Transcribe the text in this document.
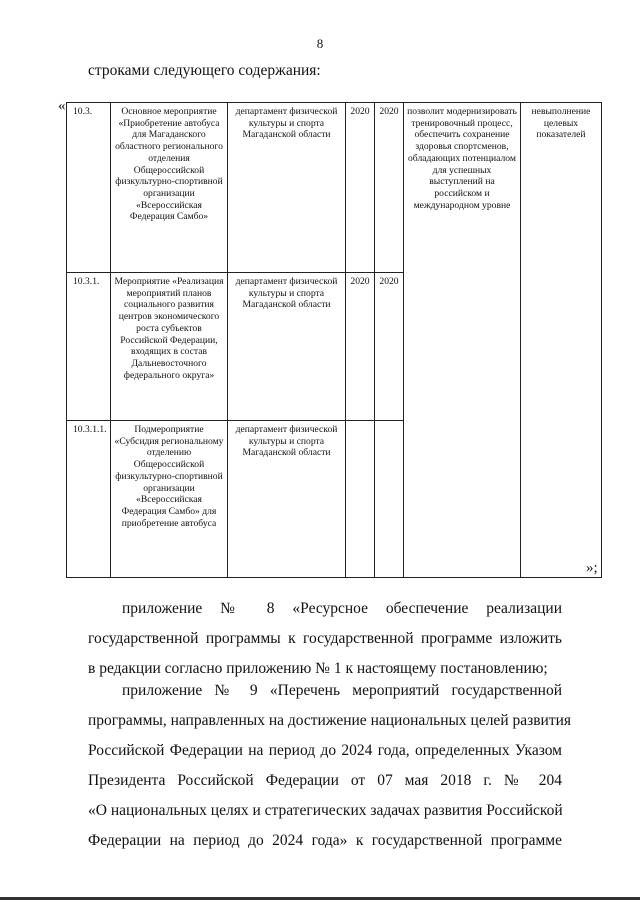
8
строками следующего содержания:
« 10.3.	Основное мероприятие «Приобретение автобуса для Магаданского областного регионального отделения Общероссийской физкультурно-спортивной организации «Всероссийская Федерация Самбо»	департамент физической культуры и спорта Магаданской области	2020	2020	позволит модернизировать тренировочный процесс, обеспечить сохранение здоровья спортсменов, обладающих потенциалом для успешных выступлений на российском и международном уровне	невыполнение целевых показателей
10.3.1.	Мероприятие «Реализация мероприятий планов социального развития центров экономического роста субъектов Российской Федерации, входящих в состав Дальневосточного федерального округа»	департамент физической культуры и спорта Магаданской области	2020	2020		
10.3.1.1.	Подмероприятие «Субсидия региональному отделению Общероссийской физкультурно-спортивной организации «Всероссийская Федерация Самбо» для приобретение автобуса	департамент физической культуры и спорта Магаданской области				
»;
приложение № 8 «Ресурсное обеспечение реализации
государственной программы к государственной программе изложить
в редакции согласно приложению № 1 к настоящему постановлению;
приложение № 9 «Перечень мероприятий государственной
программы, направленных на достижение национальных целей развития
Российской Федерации на период до 2024 года, определенных Указом
Президента Российской Федерации от 07 мая 2018 г. № 204
«О национальных целях и стратегических задачах развития Российской
Федерации на период до 2024 года» к государственной программе
